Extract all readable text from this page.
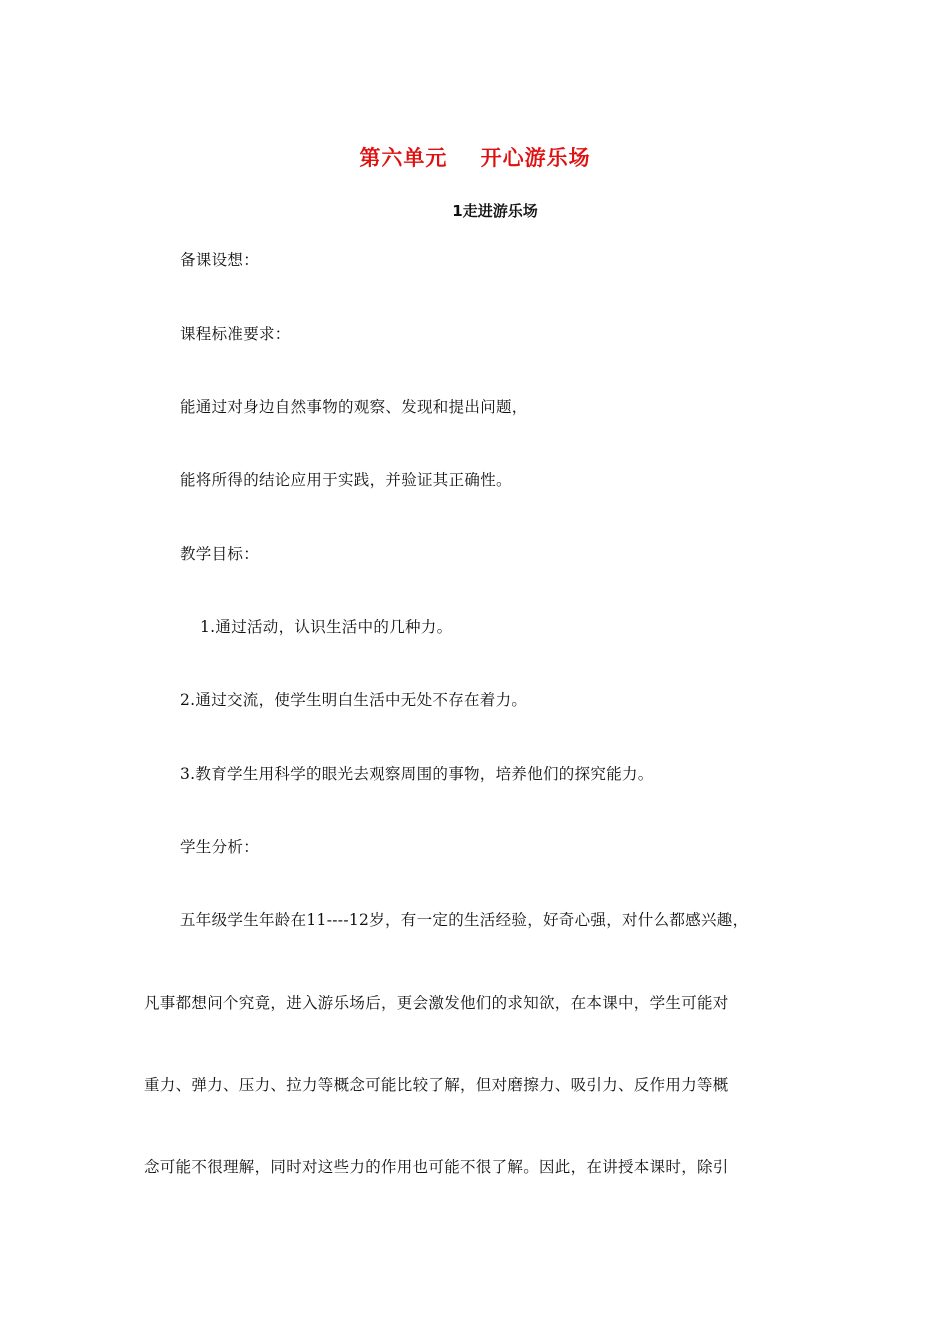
第六单元    开心游乐场
1走进游乐场
备课设想：
课程标准要求：
能通过对身边自然事物的观察、发现和提出问题，
能将所得的结论应用于实践，并验证其正确性。
教学目标：
1.通过活动，认识生活中的几种力。
2.通过交流，使学生明白生活中无处不存在着力。
3.教育学生用科学的眼光去观察周围的事物，培养他们的探究能力。
学生分析：
五年级学生年龄在11----12岁，有一定的生活经验，好奇心强，对什么都感兴趣，
凡事都想问个究竟，进入游乐场后，更会激发他们的求知欲，在本课中，学生可能对
重力、弹力、压力、拉力等概念可能比较了解，但对磨擦力、吸引力、反作用力等概
念可能不很理解，同时对这些力的作用也可能不很了解。因此，在讲授本课时，除引
